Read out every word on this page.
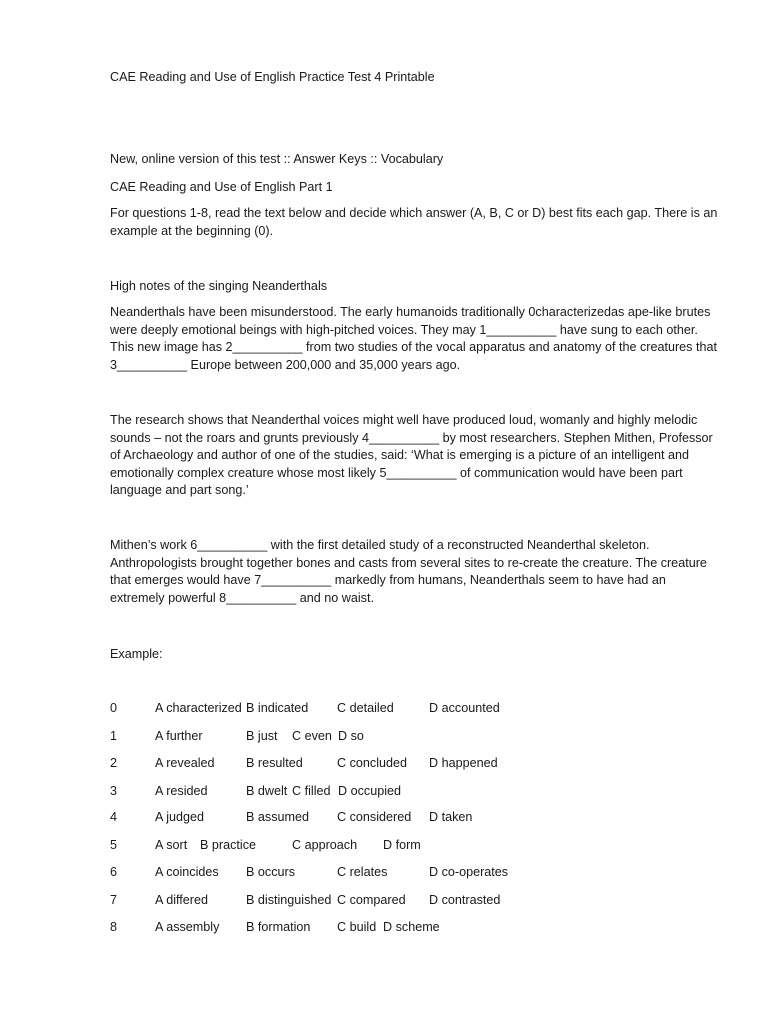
CAE Reading and Use of English Practice Test 4 Printable
New, online version of this test :: Answer Keys :: Vocabulary
CAE Reading and Use of English Part 1

For questions 1-8, read the text below and decide which answer (A, B, C or D) best fits each gap. There is an example at the beginning (0).

High notes of the singing Neanderthals

Neanderthals have been misunderstood. The early humanoids traditionally 0characterizedas ape-like brutes were deeply emotional beings with high-pitched voices. They may 1__________ have sung to each other. This new image has 2__________ from two studies of the vocal apparatus and anatomy of the creatures that 3__________ Europe between 200,000 and 35,000 years ago.

The research shows that Neanderthal voices might well have produced loud, womanly and highly melodic sounds – not the roars and grunts previously 4__________ by most researchers. Stephen Mithen, Professor of Archaeology and author of one of the studies, said: ‘What is emerging is a picture of an intelligent and emotionally complex creature whose most likely 5__________ of communication would have been part language and part song.’

Mithen’s work 6__________ with the first detailed study of a reconstructed Neanderthal skeleton. Anthropologists brought together bones and casts from several sites to re-create the creature. The creature that emerges would have 7__________ markedly from humans, Neanderthals seem to have had an extremely powerful 8__________ and no waist.

Example:
0	A characterized B indicated C detailed	D accounted
1	A further	B just C even D so
2	A revealed B resulted	C concluded D happened
3	A resided	B dwelt C filled D occupied
4	A judged	B assumed C considered D taken
5	A sort B practice	C approach D form
6	A coincides B occurs	C relates	D co-operates
7	A differed	B distinguished C compared D contrasted
8	A assembly B formation C build D scheme
